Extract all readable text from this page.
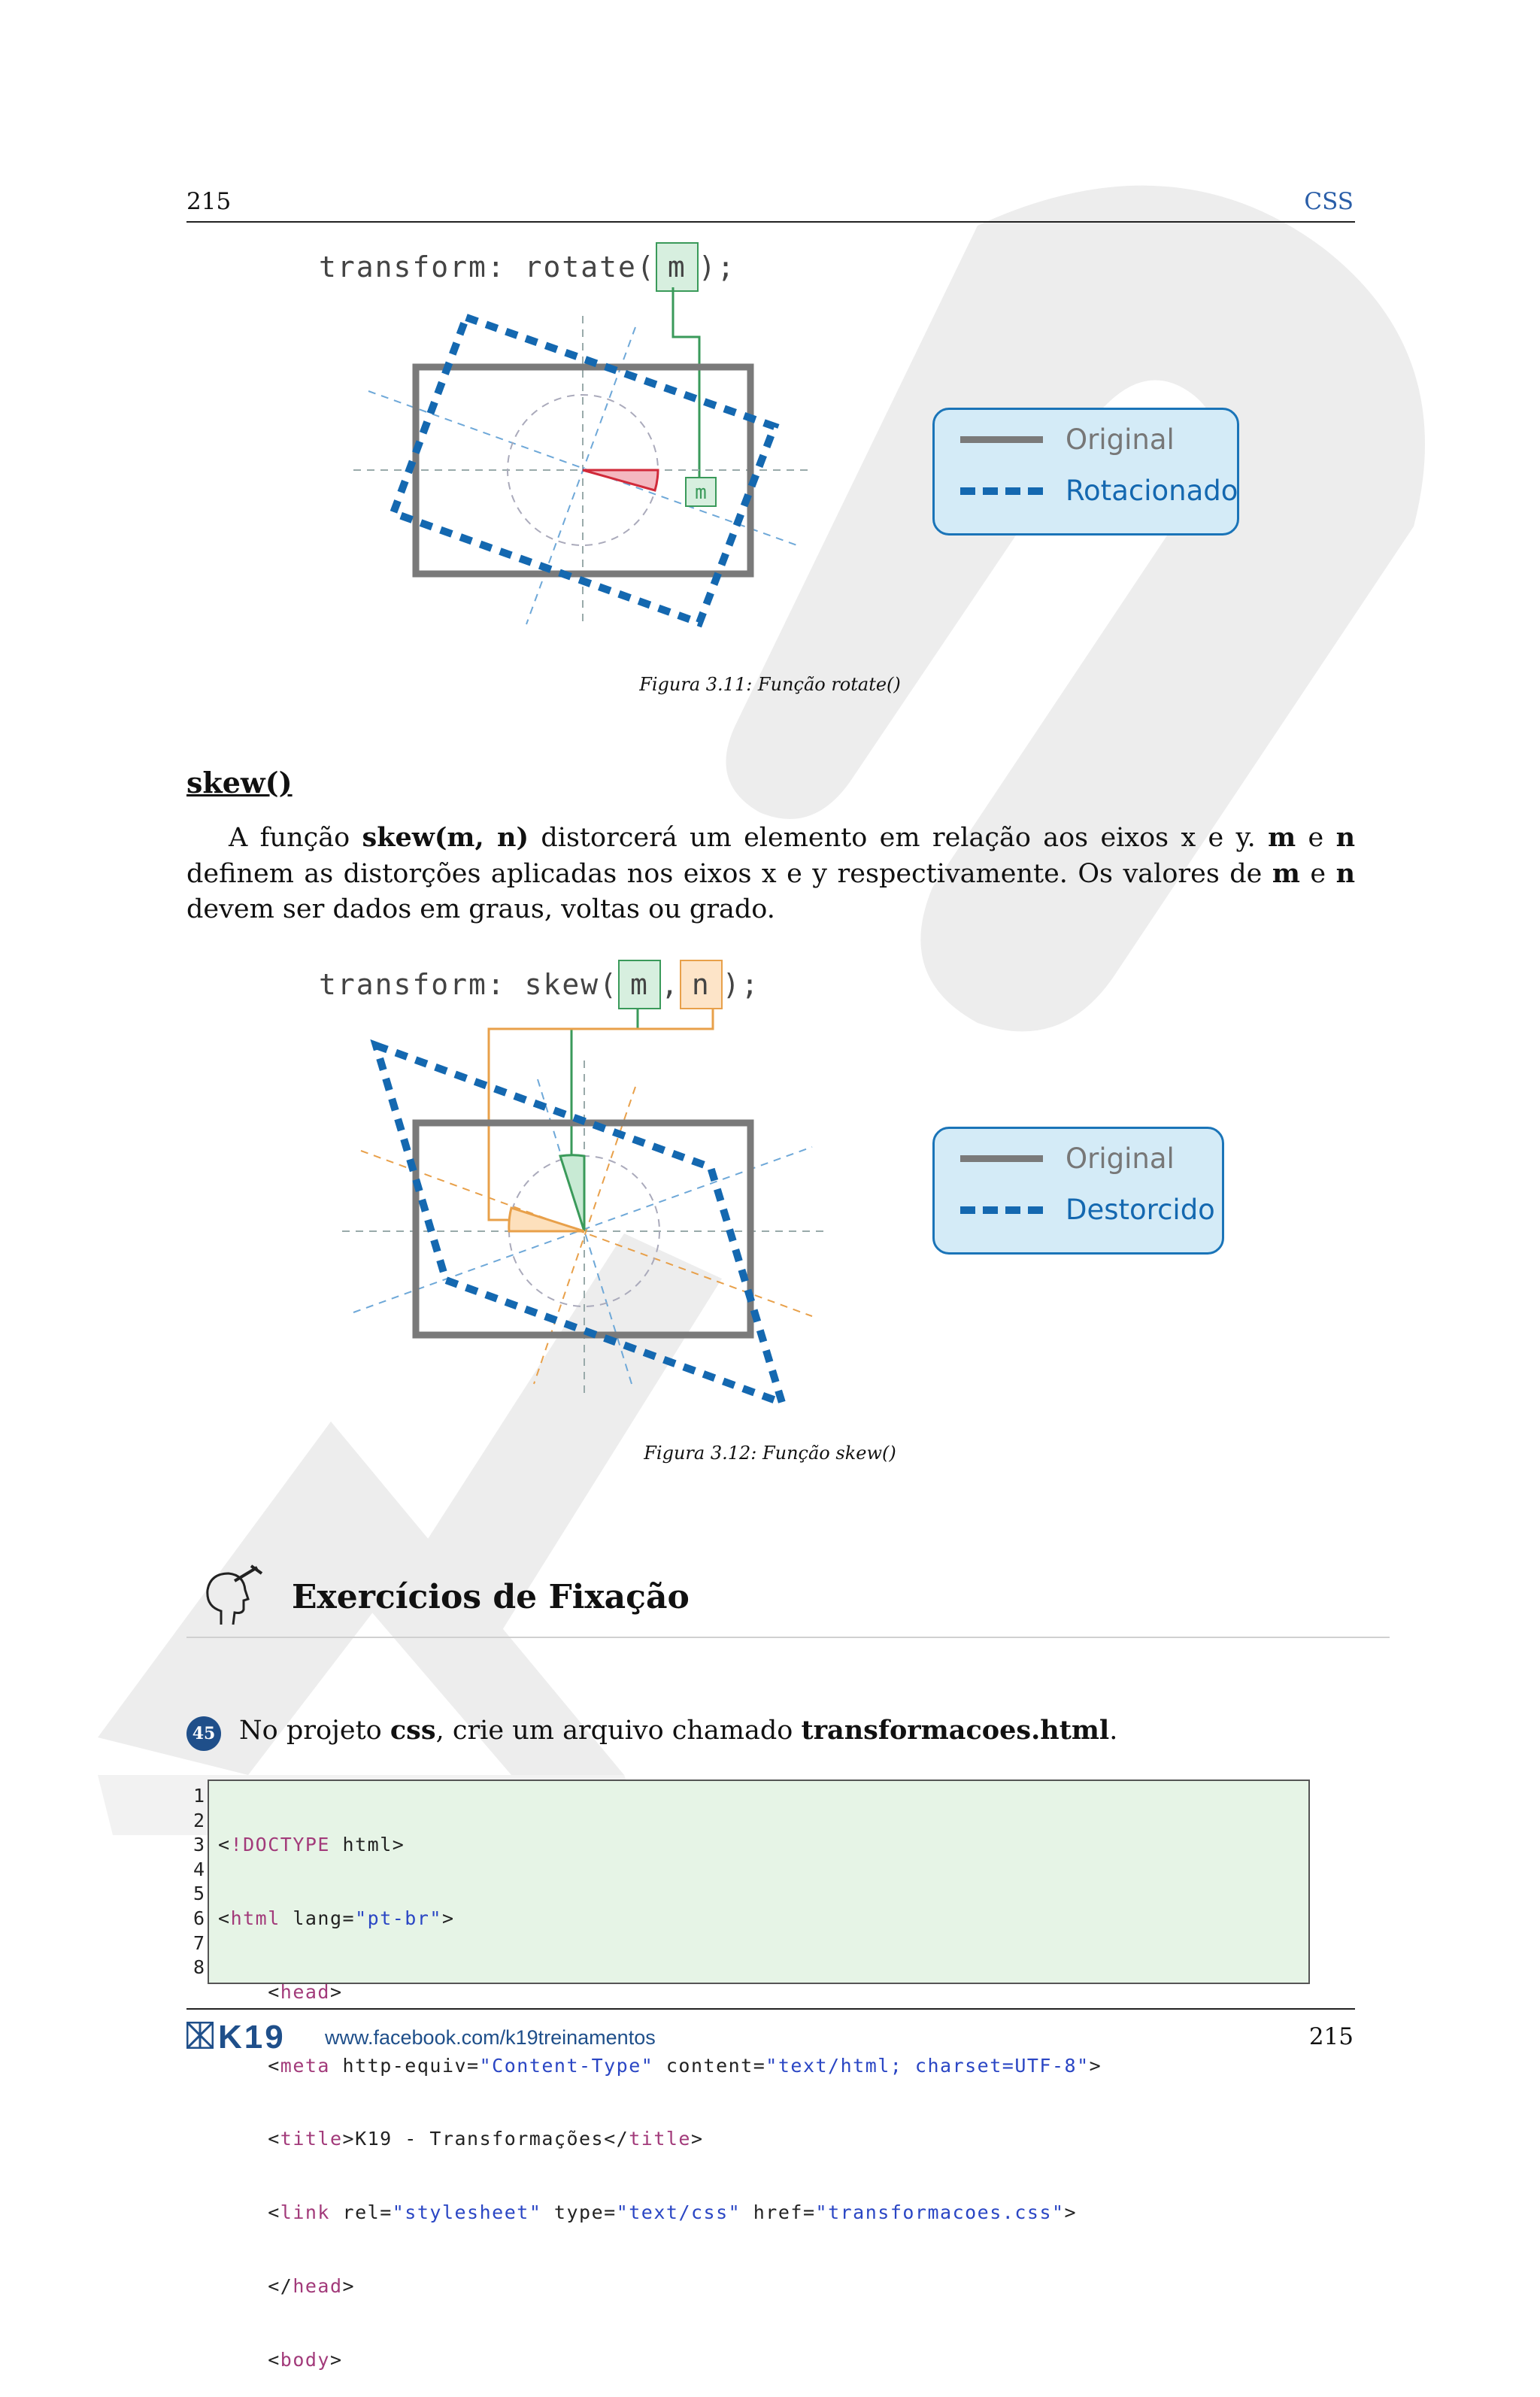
215	CSS
transform: rotate( m );
m
Original
Rotacionado
Figura 3.11: Função rotate()
skew()

A função skew(m, n) distorcerá um elemento em relação aos eixos x e y. m e n definem as distorções aplicadas nos eixos x e y respectivamente. Os valores de m e n devem ser dados em graus, voltas ou grado.

transform: skew( m , n );
Original
Destorcido
Figura 3.12: Função skew()
Exercícios de Fixação
45 No projeto css, crie um arquivo chamado transformacoes.html.
1
2
3
4
5
6
7
8

<!DOCTYPE html>

<html lang="pt-br">

<head>

<meta http-equiv="Content-Type" content="text/html; charset=UTF-8">

<title>K19 - Transformações</title>

<link rel="stylesheet" type="text/css" href="transformacoes.css">

</head>

<body>

K19 www.facebook.com/k19treinamentos	215
